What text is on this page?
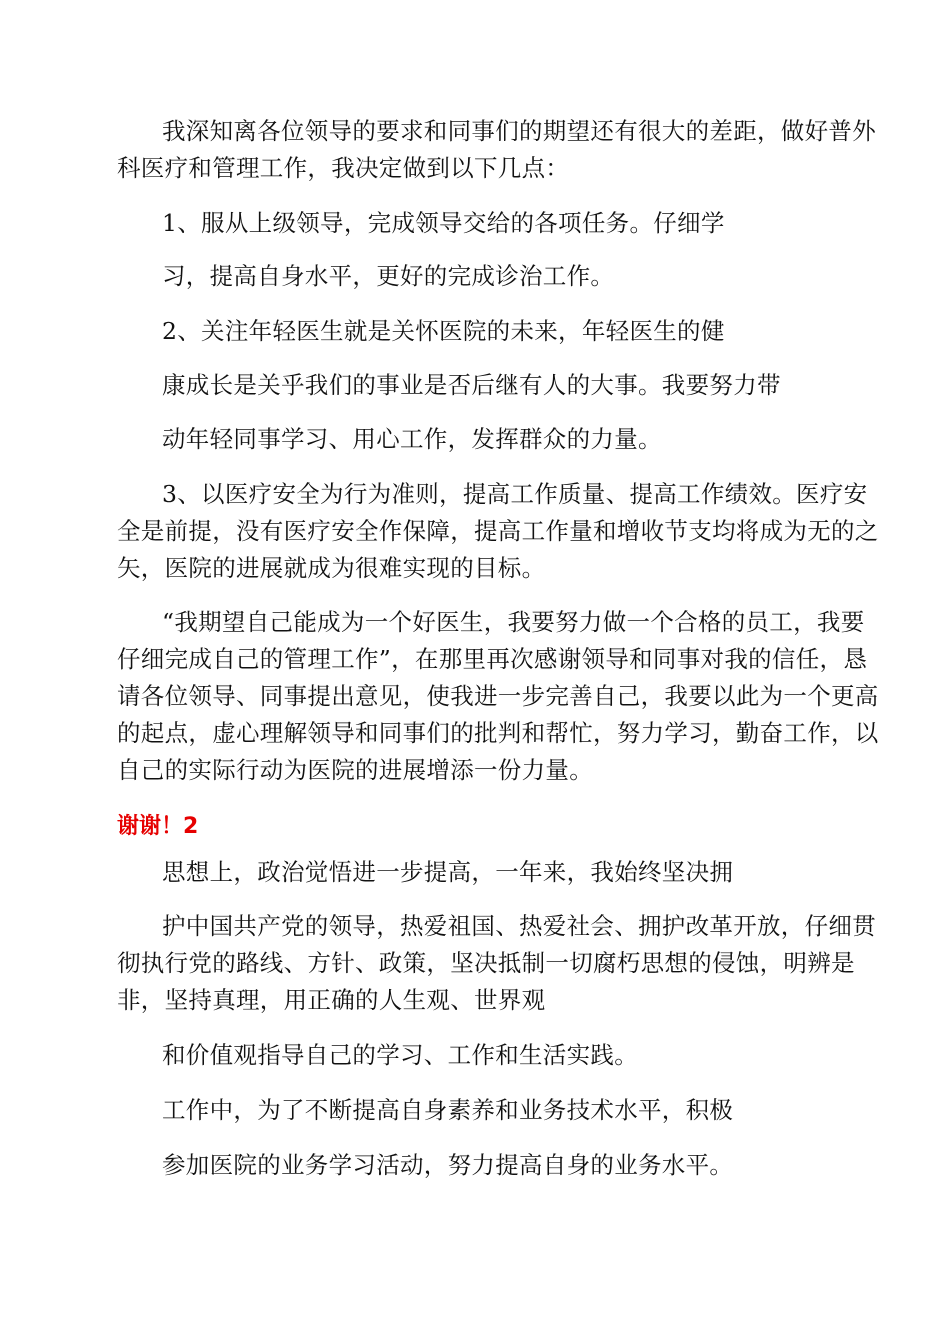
我深知离各位领导的要求和同事们的期望还有很大的差距，做好普外
科医疗和管理工作，我决定做到以下几点：
1、服从上级领导，完成领导交给的各项任务。仔细学
习，提高自身水平，更好的完成诊治工作。
2、关注年轻医生就是关怀医院的未来，年轻医生的健
康成长是关乎我们的事业是否后继有人的大事。我要努力带
动年轻同事学习、用心工作，发挥群众的力量。
3、以医疗安全为行为准则，提高工作质量、提高工作绩效。医疗安
全是前提，没有医疗安全作保障，提高工作量和增收节支均将成为无的之
矢，医院的进展就成为很难实现的目标。
“我期望自己能成为一个好医生，我要努力做一个合格的员工，我要
仔细完成自己的管理工作”，在那里再次感谢领导和同事对我的信任，恳
请各位领导、同事提出意见，使我进一步完善自己，我要以此为一个更高
的起点，虚心理解领导和同事们的批判和帮忙，努力学习，勤奋工作，以
自己的实际行动为医院的进展增添一份力量。
谢谢！2
思想上，政治觉悟进一步提高，一年来，我始终坚决拥
护中国共产党的领导，热爱祖国、热爱社会、拥护改革开放，仔细贯
彻执行党的路线、方针、政策，坚决抵制一切腐朽思想的侵蚀，明辨是
非，坚持真理，用正确的人生观、世界观
和价值观指导自己的学习、工作和生活实践。
工作中，为了不断提高自身素养和业务技术水平，积极
参加医院的业务学习活动，努力提高自身的业务水平。
